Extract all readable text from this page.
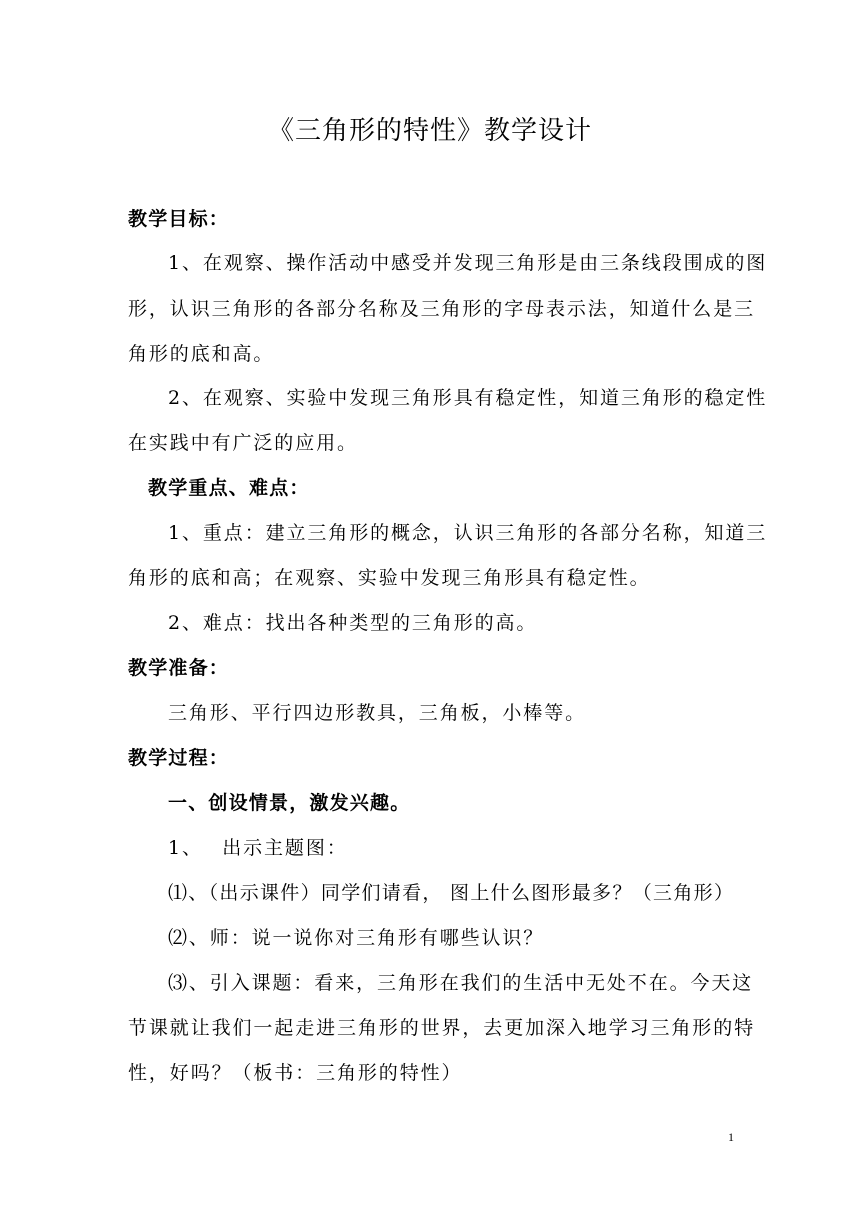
《三角形的特性》教学设计
教学目标：
1、在观察、操作活动中感受并发现三角形是由三条线段围成的图
形，认识三角形的各部分名称及三角形的字母表示法，知道什么是三
角形的底和高。
2、在观察、实验中发现三角形具有稳定性，知道三角形的稳定性
在实践中有广泛的应用。
教学重点、难点：
1、重点：建立三角形的概念，认识三角形的各部分名称，知道三
角形的底和高；在观察、实验中发现三角形具有稳定性。
2、难点：找出各种类型的三角形的高。
教学准备：
三角形、平行四边形教具，三角板，小棒等。
教学过程：
一、创设情景，激发兴趣。
1、　 出示主题图：
⑴、（出示课件）同学们请看， 图上什么图形最多？（三角形）
⑵、师：说一说你对三角形有哪些认识？
⑶、引入课题：看来，三角形在我们的生活中无处不在。今天这
节课就让我们一起走进三角形的世界，去更加深入地学习三角形的特
性，好吗？（板书：三角形的特性）
1
